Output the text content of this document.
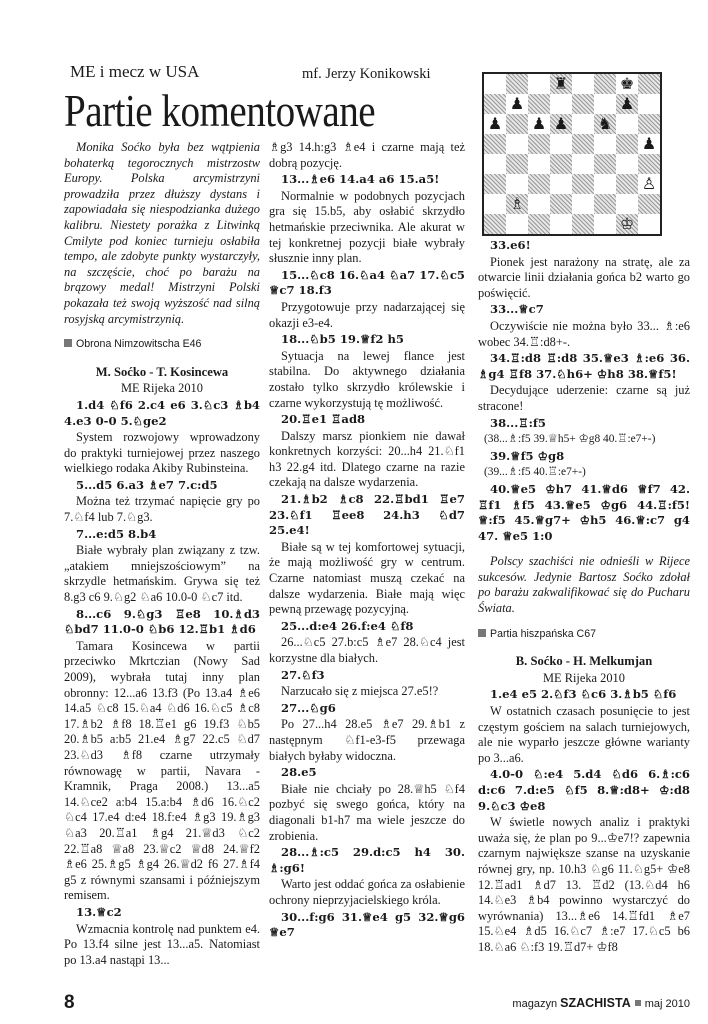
ME i mecz w USA	mf. Jerzy Konikowski
Partie komentowane
♜	♚
♟	♟
♟ ♟ ♟ ♞
♟
♙
♗
♔

Monika Soćko była bez wątpienia bohaterką tegorocznych mistrzostw Europy. Polska arcymistrzyni prowadziła przez dłuższy dystans i zapowiadała się niespodzianka dużego kalibru. Niestety porażka z Litwinką Cmilyte pod koniec turnieju osłabiła tempo, ale zdobyte punkty wystarczyły, na szczęście, choć po barażu na brązowy medal! Mistrzyni Polski pokazała też swoją wyższość nad silną rosyjską arcymistrzynią.

Obrona Nimzowitscha E46

M. Soćko - T. Kosincewa

ME Rijeka 2010

1.d4 ♘f6 2.c4 e6 3.♘c3 ♗b4 4.e3 0-0 5.♘ge2

System rozwojowy wprowadzony do praktyki turniejowej przez naszego wielkiego rodaka Akiby Rubinsteina.

5...d5 6.a3 ♗e7 7.c:d5

Można też trzymać napięcie gry po 7.♘f4 lub 7.♘g3.

7...e:d5 8.b4

Białe wybrały plan związany z tzw. „atakiem mniejszościowym” na skrzydle hetmańskim. Grywa się też 8.g3 c6 9.♘g2 ♘a6 10.0-0 ♘c7 itd.

8...c6 9.♘g3 ♖e8 10.♗d3 ♘bd7 11.0-0 ♘b6 12.♖b1 ♗d6

Tamara Kosincewa w partii przeciwko Mkrtczian (Nowy Sad 2009), wybrała tutaj inny plan obronny: 12...a6 13.f3 (Po 13.a4 ♗e6 14.a5 ♘c8 15.♘a4 ♘d6 16.♘c5 ♗c8 17.♗b2 ♗f8 18.♖e1 g6 19.f3 ♘b5 20.♗b5 a:b5 21.e4 ♗g7 22.c5 ♘d7 23.♘d3 ♗f8 czarne utrzymały równowagę w partii, Navara - Kramnik, Praga 2008.) 13...a5 14.♘ce2 a:b4 15.a:b4 ♗d6 16.♘c2 ♘c4 17.e4 d:e4 18.f:e4 ♗g3 19.♗g3 ♘a3 20.♖a1 ♗g4 21.♕d3 ♘c2 22.♖a8 ♕a8 23.♕c2 ♕d8 24.♕f2 ♗e6 25.♗g5 ♗g4 26.♕d2 f6 27.♗f4 g5 z równymi szansami i późniejszym remisem.

13.♕c2

Wzmacnia kontrolę nad punktem e4. Po 13.f4 silne jest 13...a5. Natomiast po 13.a4 nastąpi 13...

♗g3 14.h:g3 ♗e4 i czarne mają też dobrą pozycję.

13...♗e6 14.a4 a6 15.a5!

Normalnie w podobnych pozycjach gra się 15.b5, aby osłabić skrzydło hetmańskie przeciwnika. Ale akurat w tej konkretnej pozycji białe wybrały słusznie inny plan.

15...♘c8 16.♘a4 ♘a7 17.♘c5 ♕c7 18.f3

Przygotowuje przy nadarzającej się okazji e3-e4.

18...♘b5 19.♕f2 h5

Sytuacja na lewej flance jest stabilna. Do aktywnego działania zostało tylko skrzydło królewskie i czarne wykorzystują tę możliwość.

20.♖e1 ♖ad8

Dalszy marsz pionkiem nie dawał konkretnych korzyści: 20...h4 21.♘f1 h3 22.g4 itd. Dlatego czarne na razie czekają na dalsze wydarzenia.

21.♗b2 ♗c8 22.♖bd1 ♖e7 23.♘f1 ♖ee8 24.h3 ♘d7 25.e4!

Białe są w tej komfortowej sytuacji, że mają możliwość gry w centrum. Czarne natomiast muszą czekać na dalsze wydarzenia. Białe mają więc pewną przewagę pozycyjną.

25...d:e4 26.f:e4 ♘f8

26...♘c5 27.b:c5 ♗e7 28.♘c4 jest korzystne dla białych.

27.♘f3

Narzucało się z miejsca 27.e5!?

27...♘g6

Po 27...h4 28.e5 ♗e7 29.♗b1 z następnym ♘f1-e3-f5 przewaga białych byłaby widoczna.

28.e5

Białe nie chciały po 28.♕h5 ♘f4 pozbyć się swego gońca, który na diagonali b1-h7 ma wiele jeszcze do zrobienia.

28...♗:c5 29.d:c5 h4 30. ♗:g6!

Warto jest oddać gońca za osłabienie ochrony nieprzyjacielskiego króla.

30...f:g6 31.♕e4 g5 32.♕g6 ♕e7

33.e6!

Pionek jest narażony na stratę, ale za otwarcie linii działania gońca b2 warto go poświęcić.

33...♕c7

Oczywiście nie można było 33... ♗:e6 wobec 34.♖:d8+-.

34.♖:d8 ♖:d8 35.♕e3 ♗:e6 36. ♗g4 ♖f8 37.♘h6+ ♔h8 38.♕f5!

Decydujące uderzenie: czarne są już stracone!

38...♖:f5

(38...♗:f5 39.♕h5+ ♔g8 40.♖:e7+-)

39.♕f5 ♔g8

(39...♗:f5 40.♖:e7+-)

40.♕e5 ♔h7 41.♕d6 ♕f7 42. ♖f1 ♗f5 43.♕e5 ♔g6 44.♖:f5! ♕:f5 45.♕g7+ ♔h5 46.♕:c7 g4 47. ♕e5 1:0

Polscy szachiści nie odnieśli w Rijece sukcesów. Jedynie Bartosz Soćko zdołał po barażu zakwalifikować się do Pucharu Świata.

Partia hiszpańska C67

B. Soćko - H. Melkumjan

ME Rijeka 2010

1.e4 e5 2.♘f3 ♘c6 3.♗b5 ♘f6

W ostatnich czasach posunięcie to jest częstym gościem na salach turniejowych, ale nie wyparło jeszcze główne warianty po 3...a6.

4.0-0 ♘:e4 5.d4 ♘d6 6.♗:c6 d:c6 7.d:e5 ♘f5 8.♕:d8+ ♔:d8 9.♘c3 ♔e8

W świetle nowych analiz i praktyki uważa się, że plan po 9...♔e7!? zapewnia czarnym największe szanse na uzyskanie równej gry, np. 10.h3 ♘g6 11.♘g5+ ♔e8 12.♖ad1 ♗d7 13. ♖d2 (13.♘d4 h6 14.♘e3 ♗b4 powinno wystarczyć do wyrównania) 13...♗e6 14.♖fd1 ♗e7 15.♘e4 ♗d5 16.♘c7 ♗:e7 17.♘c5 b6 18.♘a6 ♘:f3 19.♖d7+ ♔f8

8	magazyn SZACHISTA maj 2010
